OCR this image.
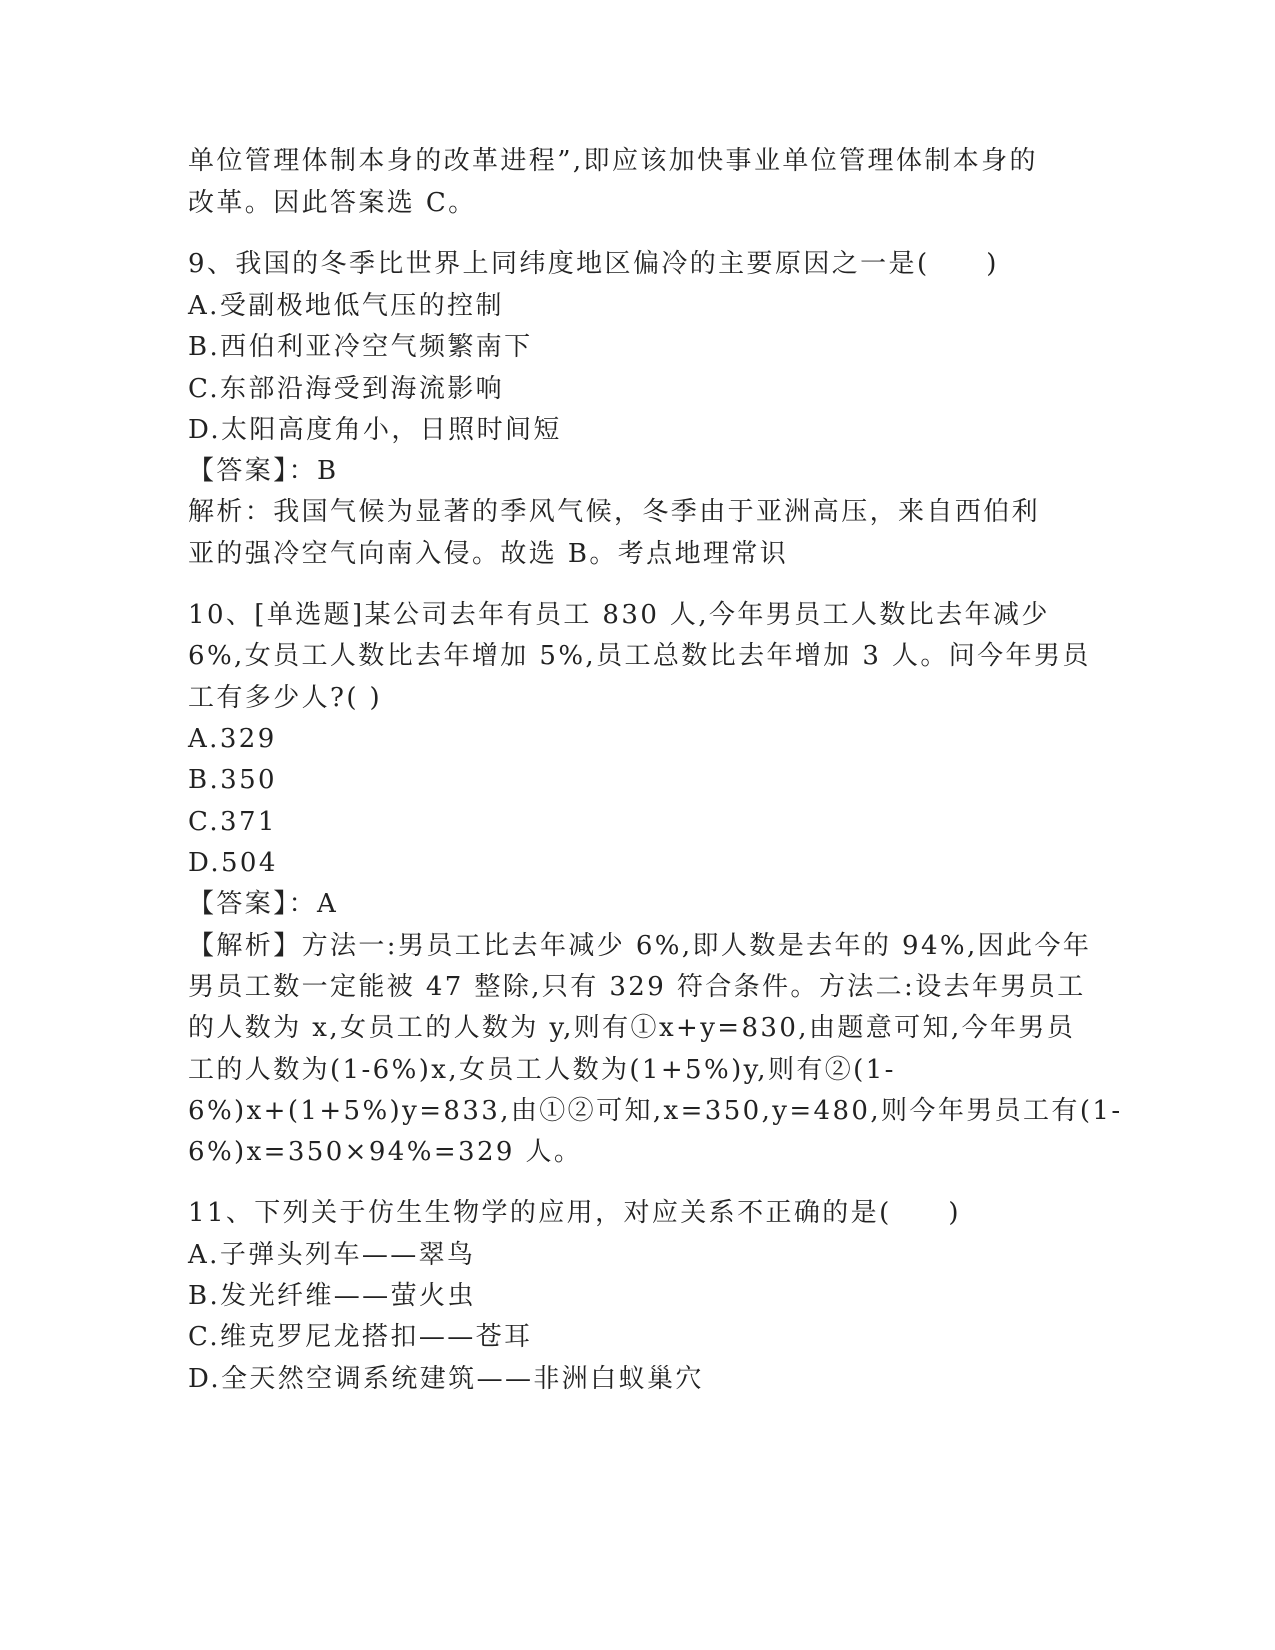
单位管理体制本身的改革进程”,即应该加快事业单位管理体制本身的
改革。因此答案选 C。
9、我国的冬季比世界上同纬度地区偏冷的主要原因之一是(　　)
A.受副极地低气压的控制
B.西伯利亚冷空气频繁南下
C.东部沿海受到海流影响
D.太阳高度角小，日照时间短
【答案】：B
解析：我国气候为显著的季风气候，冬季由于亚洲高压，来自西伯利
亚的强冷空气向南入侵。故选 B。考点地理常识
10、[单选题]某公司去年有员工 830 人,今年男员工人数比去年减少
6%,女员工人数比去年增加 5%,员工总数比去年增加 3 人。问今年男员
工有多少人?( )
A.329
B.350
C.371
D.504
【答案】：A
【解析】方法一:男员工比去年减少 6%,即人数是去年的 94%,因此今年
男员工数一定能被 47 整除,只有 329 符合条件。方法二:设去年男员工
的人数为 x,女员工的人数为 y,则有①x+y=830,由题意可知,今年男员
工的人数为(1-6%)x,女员工人数为(1+5%)y,则有②(1-
6%)x+(1+5%)y=833,由①②可知,x=350,y=480,则今年男员工有(1-
6%)x=350×94%=329 人。
11、下列关于仿生生物学的应用，对应关系不正确的是(　　)
A.子弹头列车——翠鸟
B.发光纤维——萤火虫
C.维克罗尼龙搭扣——苍耳
D.全天然空调系统建筑——非洲白蚁巢穴
